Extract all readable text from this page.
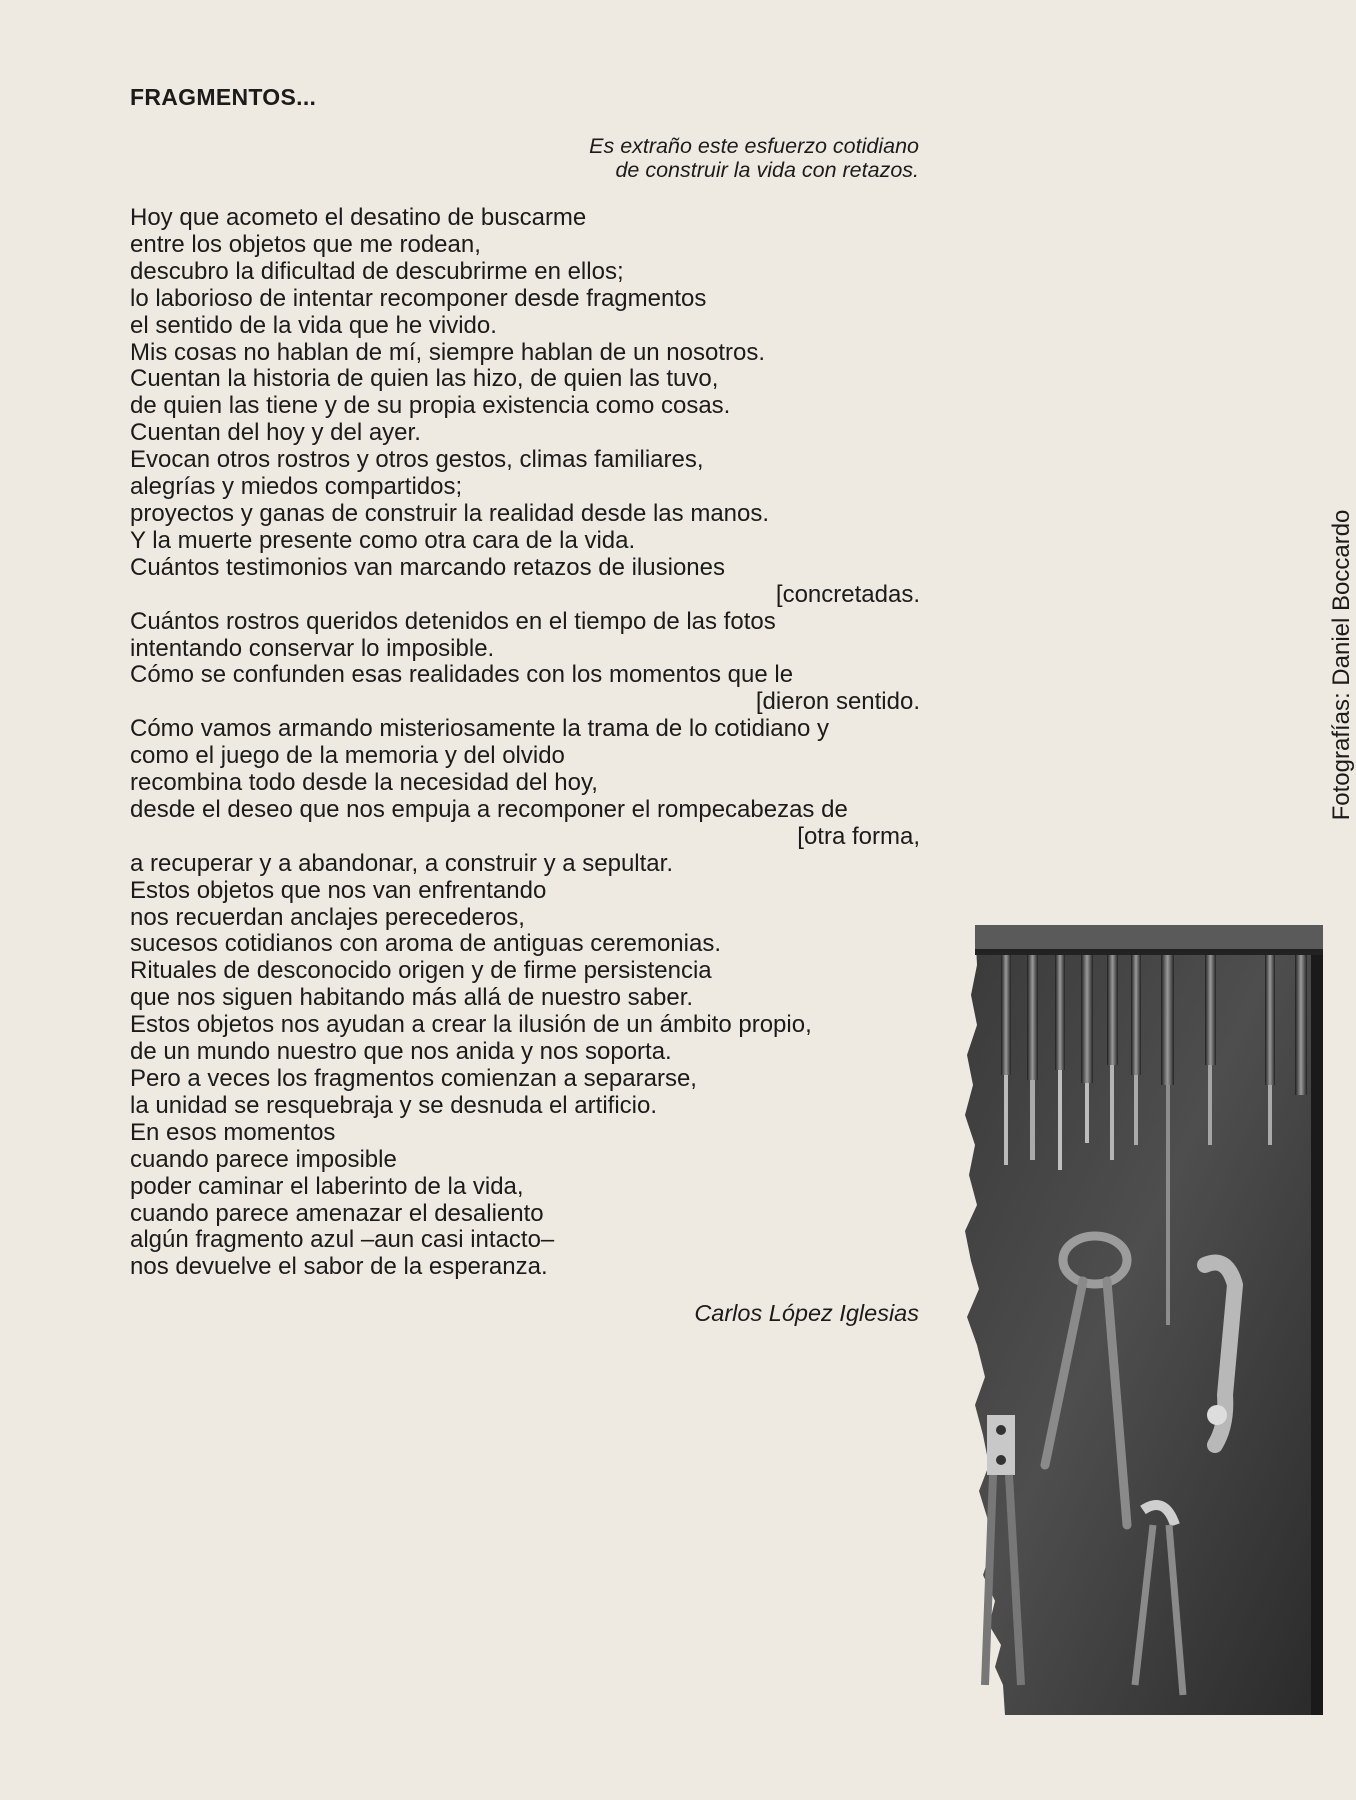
FRAGMENTOS...
Es extraño este esfuerzo cotidiano
de construir la vida con retazos.
Hoy que acometo el desatino de buscarme
entre los objetos que me rodean,
descubro la dificultad de descubrirme en ellos;
lo laborioso de intentar recomponer desde fragmentos
el sentido de la vida que he vivido.
Mis cosas no hablan de mí, siempre hablan de un nosotros.
Cuentan la historia de quien las hizo, de quien las tuvo,
de quien las tiene y de su propia existencia como cosas.
Cuentan del hoy y del ayer.
Evocan otros rostros y otros gestos, climas familiares,
alegrías y miedos compartidos;
proyectos y ganas de construir la realidad desde las manos.
Y la muerte presente como otra cara de la vida.
Cuántos testimonios van marcando retazos de ilusiones
[concretadas.
Cuántos rostros queridos detenidos en el tiempo de las fotos
intentando conservar lo imposible.
Cómo se confunden esas realidades con los momentos que le
[dieron sentido.
Cómo vamos armando misteriosamente la trama de lo cotidiano y
como el juego de la memoria y del olvido
recombina todo desde la necesidad del hoy,
desde el deseo que nos empuja a recomponer el rompecabezas de
[otra forma,
a recuperar y a abandonar, a construir y a sepultar.
Estos objetos que nos van enfrentando
nos recuerdan anclajes perecederos,
sucesos cotidianos con aroma de antiguas ceremonias.
Rituales de desconocido origen y de firme persistencia
que nos siguen habitando más allá de nuestro saber.
Estos objetos nos ayudan a crear la ilusión de un ámbito propio,
de un mundo nuestro que nos anida y nos soporta.
Pero a veces los fragmentos comienzan a separarse,
la unidad se resquebraja y se desnuda el artificio.
En esos momentos
cuando parece imposible
poder caminar el laberinto de la vida,
cuando parece amenazar el desaliento
algún fragmento azul –aun casi intacto–
nos devuelve el sabor de la esperanza.
Carlos López Iglesias
Fotografías: Daniel Boccardo
